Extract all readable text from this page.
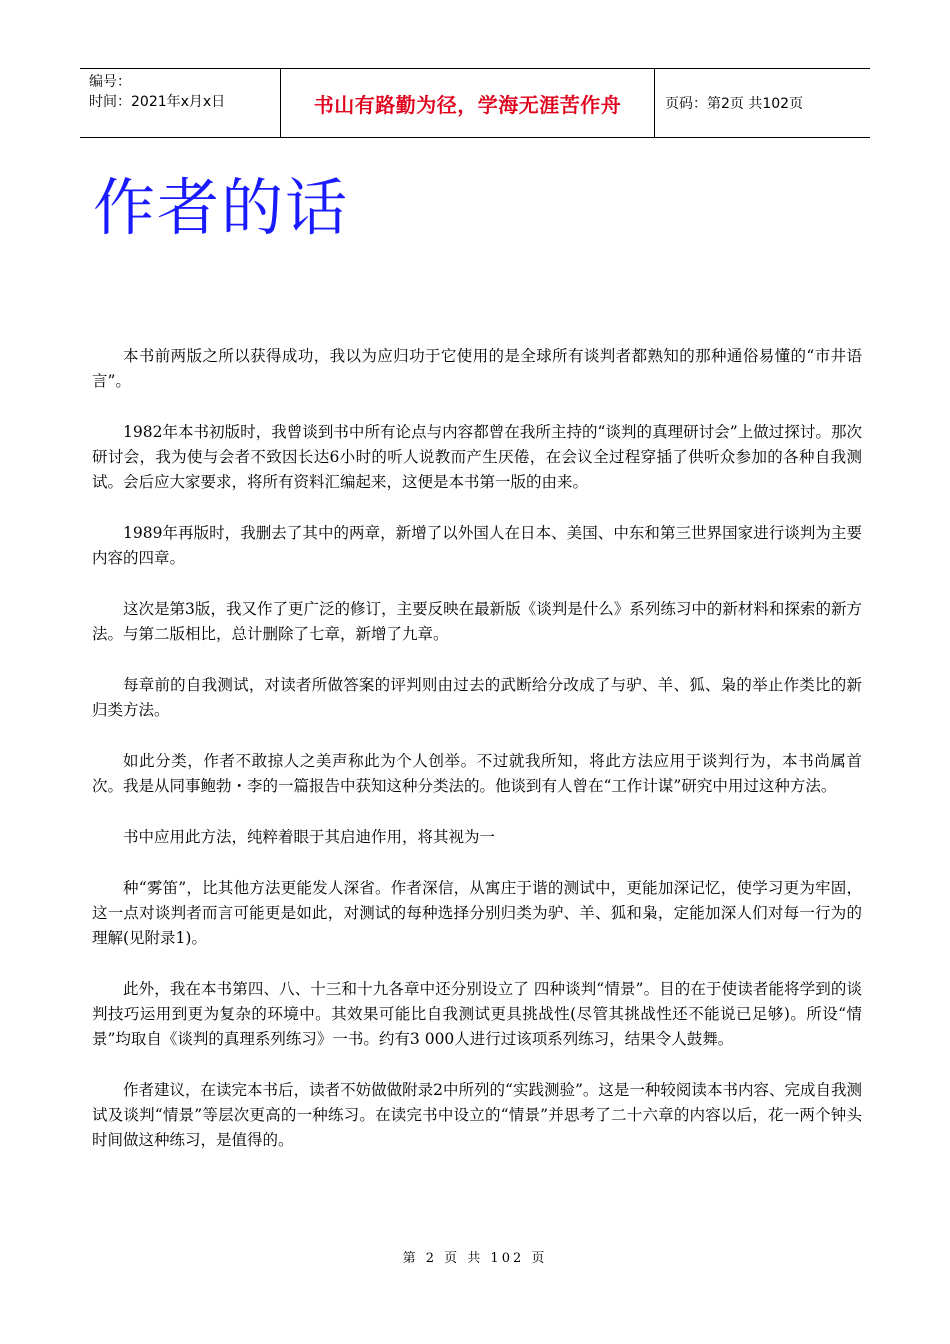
编号：
时间：2021年x月x日	书山有路勤为径，学海无涯苦作舟	页码：第2页 共102页
作者的话

本书前两版之所以获得成功，我以为应归功于它使用的是全球所有谈判者都熟知的那种通俗易懂的“市井语言”。

1982年本书初版时，我曾谈到书中所有论点与内容都曾在我所主持的“谈判的真理研讨会”上做过探讨。那次研讨会，我为使与会者不致因长达6小时的听人说教而产生厌倦，在会议全过程穿插了供听众参加的各种自我测试。会后应大家要求，将所有资料汇编起来，这便是本书第一版的由来。

1989年再版时，我删去了其中的两章，新增了以外国人在日本、美国、中东和第三世界国家进行谈判为主要内容的四章。

这次是第3版，我又作了更广泛的修订，主要反映在最新版《谈判是什么》系列练习中的新材料和探索的新方法。与第二版相比，总计删除了七章，新增了九章。

每章前的自我测试，对读者所做答案的评判则由过去的武断给分改成了与驴、羊、狐、枭的举止作类比的新归类方法。

如此分类，作者不敢掠人之美声称此为个人创举。不过就我所知，将此方法应用于谈判行为，本书尚属首次。我是从同事鲍勃・李的一篇报告中获知这种分类法的。他谈到有人曾在“工作计谋”研究中用过这种方法。

书中应用此方法，纯粹着眼于其启迪作用，将其视为一

种“雾笛”，比其他方法更能发人深省。作者深信，从寓庄于谐的测试中，更能加深记忆，使学习更为牢固，这一点对谈判者而言可能更是如此，对测试的每种选择分别归类为驴、羊、狐和枭，定能加深人们对每一行为的理解(见附录1)。

此外，我在本书第四、八、十三和十九各章中还分别设立了 四种谈判“情景”。目的在于使读者能将学到的谈判技巧运用到更为复杂的环境中。其效果可能比自我测试更具挑战性(尽管其挑战性还不能说已足够)。所设“情景”均取自《谈判的真理系列练习》一书。约有3 000人进行过该项系列练习，结果令人鼓舞。

作者建议，在读完本书后，读者不妨做做附录2中所列的“实践测验”。这是一种较阅读本书内容、完成自我测试及谈判“情景”等层次更高的一种练习。在读完书中设立的“情景”并思考了二十六章的内容以后，花一两个钟头时间做这种练习，是值得的。

第 2 页 共 102 页
